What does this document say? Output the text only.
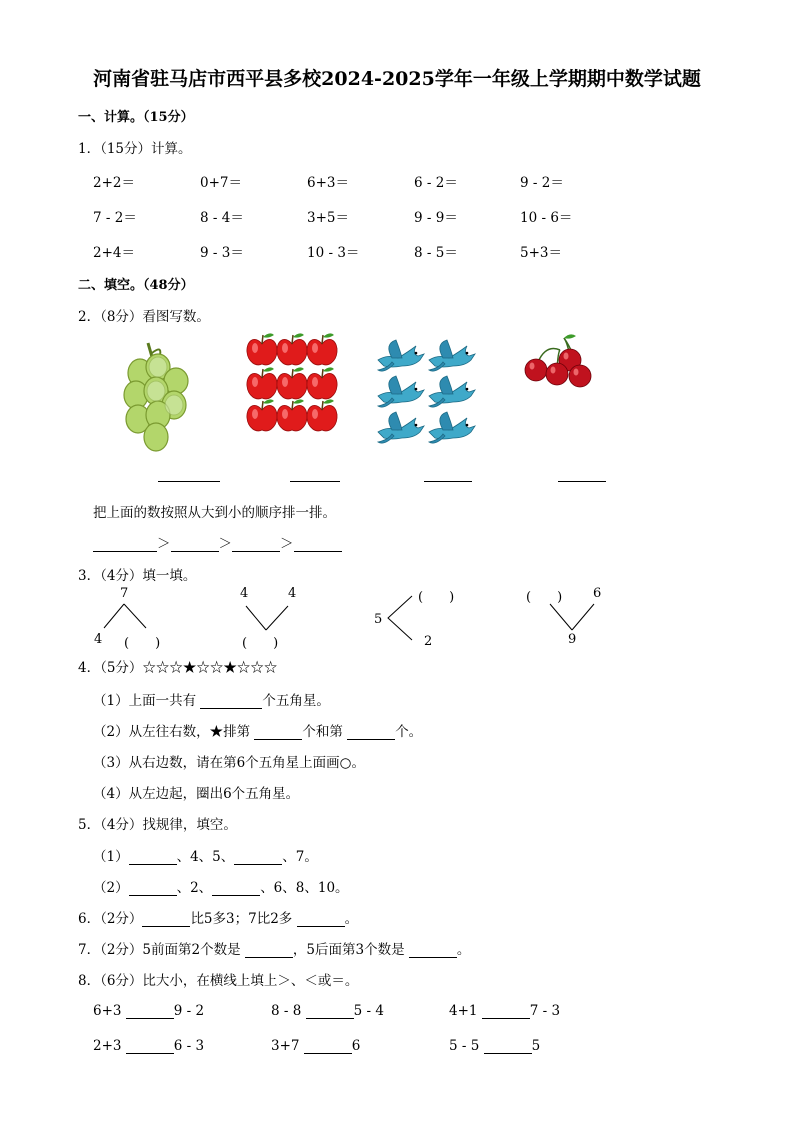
河南省驻马店市西平县多校2024-2025学年一年级上学期期中数学试题
一、计算。（15分）
1．（15分）计算。
2+2＝	0+7＝	6+3＝	6 - 2＝	9 - 2＝
7 - 2＝	8 - 4＝	3+5＝	9 - 9＝	10 - 6＝
2+4＝	9 - 3＝	10 - 3＝	8 - 5＝	5+3＝
二、填空。（48分）
2．（8分）看图写数。
把上面的数按照从大到小的顺序排一排。
＞	＞	＞
3．（4分）填一填。
7
4 (　　)
4	4
(　　)
5
(　　)
2
(　　) 6
9
4．（5分）☆☆☆★☆☆★☆☆☆
（1）上面一共有	个五角星。
（2）从左往右数，★排第	个和第	个。
（3）从右边数，请在第6个五角星上面画○。
（4）从左边起，圈出6个五角星。
5．（4分）找规律，填空。
（1）	、4、5、	、7。
（2）	、2、	、6、8、10。
6．（2分）	比5多3；7比2多	。
7．（2分）5前面第2个数是	，5后面第3个数是	。
8．（6分）比大小，在横线上填上＞、＜或＝。
6+3	9 - 2	8 - 8	5 - 4	4+1	7 - 3
2+3	6 - 3	3+7	6	5 - 5	5
